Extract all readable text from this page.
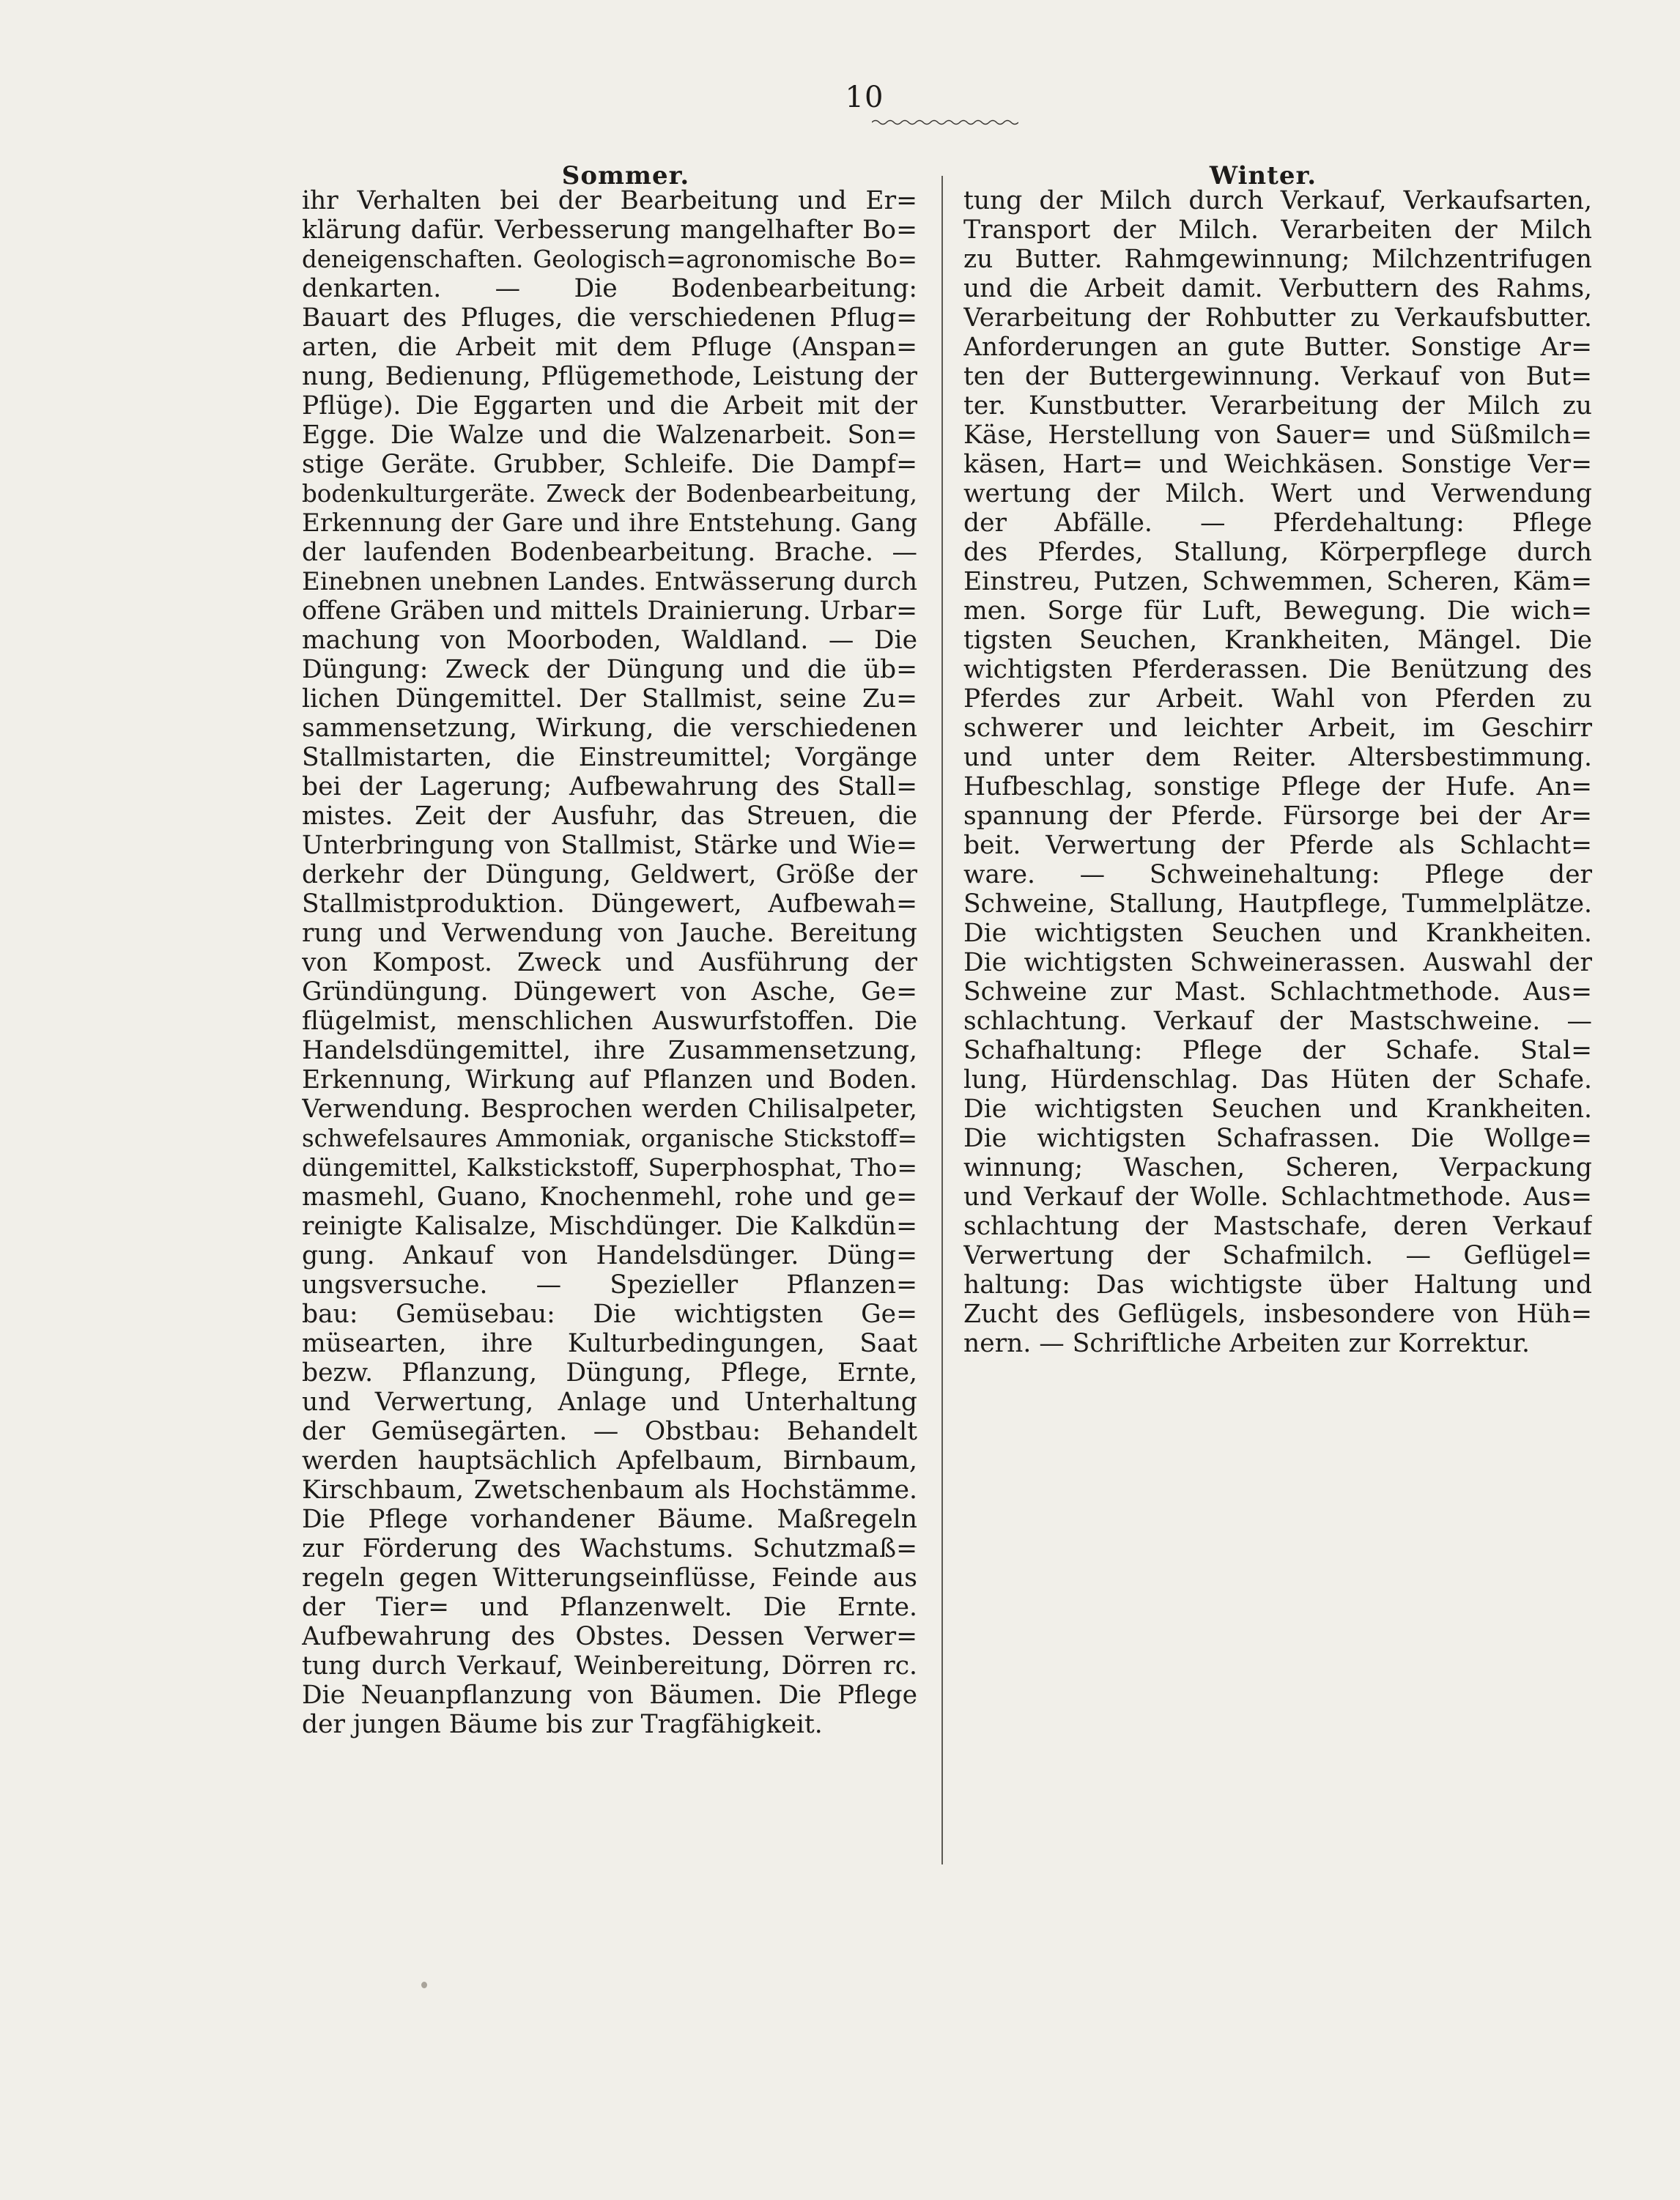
10
Sommer.
ihr Verhalten bei der Bearbeitung und Er=
klärung dafür. Verbesserung mangelhafter Bo=
deneigenschaften. Geologisch=agronomische Bo=
denkarten. — Die Bodenbearbeitung:
Bauart des Pfluges, die verschiedenen Pflug=
arten, die Arbeit mit dem Pfluge (Anspan=
nung, Bedienung, Pflügemethode, Leistung der
Pflüge). Die Eggarten und die Arbeit mit der
Egge. Die Walze und die Walzenarbeit. Son=
stige Geräte. Grubber, Schleife. Die Dampf=
bodenkulturgeräte. Zweck der Bodenbearbeitung,
Erkennung der Gare und ihre Entstehung. Gang
der laufenden Bodenbearbeitung. Brache. —
Einebnen unebnen Landes. Entwässerung durch
offene Gräben und mittels Drainierung. Urbar=
machung von Moorboden, Waldland. — Die
Düngung: Zweck der Düngung und die üb=
lichen Düngemittel. Der Stallmist, seine Zu=
sammensetzung, Wirkung, die verschiedenen
Stallmistarten, die Einstreumittel; Vorgänge
bei der Lagerung; Aufbewahrung des Stall=
mistes. Zeit der Ausfuhr, das Streuen, die
Unterbringung von Stallmist, Stärke und Wie=
derkehr der Düngung, Geldwert, Größe der
Stallmistproduktion. Düngewert, Aufbewah=
rung und Verwendung von Jauche. Bereitung
von Kompost. Zweck und Ausführung der
Gründüngung. Düngewert von Asche, Ge=
flügelmist, menschlichen Auswurfstoffen. Die
Handelsdüngemittel, ihre Zusammensetzung,
Erkennung, Wirkung auf Pflanzen und Boden.
Verwendung. Besprochen werden Chilisalpeter,
schwefelsaures Ammoniak, organische Stickstoff=
düngemittel, Kalkstickstoff, Superphosphat, Tho=
masmehl, Guano, Knochenmehl, rohe und ge=
reinigte Kalisalze, Mischdünger. Die Kalkdün=
gung. Ankauf von Handelsdünger. Düng=
ungsversuche. — Spezieller Pflanzen=
bau: Gemüsebau: Die wichtigsten Ge=
müsearten, ihre Kulturbedingungen, Saat
bezw. Pflanzung, Düngung, Pflege, Ernte,
und Verwertung, Anlage und Unterhaltung
der Gemüsegärten. — Obstbau: Behandelt
werden hauptsächlich Apfelbaum, Birnbaum,
Kirschbaum, Zwetschenbaum als Hochstämme.
Die Pflege vorhandener Bäume. Maßregeln
zur Förderung des Wachstums. Schutzmaß=
regeln gegen Witterungseinflüsse, Feinde aus
der Tier= und Pflanzenwelt. Die Ernte.
Aufbewahrung des Obstes. Dessen Verwer=
tung durch Verkauf, Weinbereitung, Dörren rc.
Die Neuanpflanzung von Bäumen. Die Pflege
der jungen Bäume bis zur Tragfähigkeit.
Winter.
tung der Milch durch Verkauf, Verkaufsarten,
Transport der Milch. Verarbeiten der Milch
zu Butter. Rahmgewinnung; Milchzentrifugen
und die Arbeit damit. Verbuttern des Rahms,
Verarbeitung der Rohbutter zu Verkaufsbutter.
Anforderungen an gute Butter. Sonstige Ar=
ten der Buttergewinnung. Verkauf von But=
ter. Kunstbutter. Verarbeitung der Milch zu
Käse, Herstellung von Sauer= und Süßmilch=
käsen, Hart= und Weichkäsen. Sonstige Ver=
wertung der Milch. Wert und Verwendung
der Abfälle. — Pferdehaltung: Pflege
des Pferdes, Stallung, Körperpflege durch
Einstreu, Putzen, Schwemmen, Scheren, Käm=
men. Sorge für Luft, Bewegung. Die wich=
tigsten Seuchen, Krankheiten, Mängel. Die
wichtigsten Pferderassen. Die Benützung des
Pferdes zur Arbeit. Wahl von Pferden zu
schwerer und leichter Arbeit, im Geschirr
und unter dem Reiter. Altersbestimmung.
Hufbeschlag, sonstige Pflege der Hufe. An=
spannung der Pferde. Fürsorge bei der Ar=
beit. Verwertung der Pferde als Schlacht=
ware. — Schweinehaltung: Pflege der
Schweine, Stallung, Hautpflege, Tummelplätze.
Die wichtigsten Seuchen und Krankheiten.
Die wichtigsten Schweinerassen. Auswahl der
Schweine zur Mast. Schlachtmethode. Aus=
schlachtung. Verkauf der Mastschweine. —
Schafhaltung: Pflege der Schafe. Stal=
lung, Hürdenschlag. Das Hüten der Schafe.
Die wichtigsten Seuchen und Krankheiten.
Die wichtigsten Schafrassen. Die Wollge=
winnung; Waschen, Scheren, Verpackung
und Verkauf der Wolle. Schlachtmethode. Aus=
schlachtung der Mastschafe, deren Verkauf
Verwertung der Schafmilch. — Geflügel=
haltung: Das wichtigste über Haltung und
Zucht des Geflügels, insbesondere von Hüh=
nern. — Schriftliche Arbeiten zur Korrektur.
